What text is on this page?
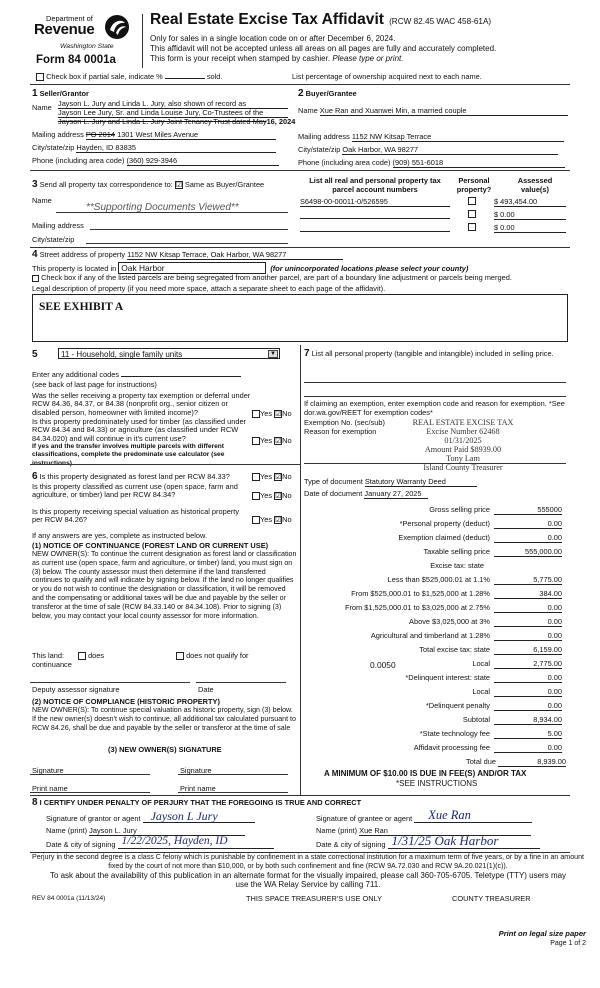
Department of
Revenue
Washington State
Form 84 0001a
Real Estate Excise Tax Affidavit (RCW 82.45 WAC 458-61A)
Only for sales in a single location code on or after December 6, 2024.
This affidavit will not be accepted unless all areas on all pages are fully and accurately completed.
This form is your receipt when stamped by cashier. Please type or print.
Check box if partial sale, indicate %	sold.	List percentage of ownership acquired next to each name.
1 Seller/Grantor
Name Jayson L. Jury and Linda L. Jury, also shown of record as
Jayson Lee Jury, Sr. and Linda Louise Jury, Co-Trustees of the
Jayson L. Jury and Linda L. Jury Joint Tenancy Trust dated May16, 2024
Mailing address PO 2014 1301 West Miles Avenue
City/state/zip Hayden, ID 83835
Phone (including area code) (360) 929-3946
2 Buyer/Grantee
Name Xue Ran and Xuanwei Min, a married couple
Mailing address 1152 NW Kitsap Terrace
City/state/zip Oak Harbor, WA 98277
Phone (including area code) (909) 551-6018
3 Send all property tax correspondence to: ☑ Same as Buyer/Grantee
Name
**Supporting Documents Viewed**
Mailing address
City/state/zip
List all real and personal property tax parcel account numbers
Personal property?
Assessed value(s)
S6498-00-00011-0/526595	$ 493,454.00
$ 0.00
$ 0.00
4 Street address of property 1152 NW Kitsap Terrace, Oak Harbor, WA 98277
This property is located in Oak Harbor	(for unincorporated locations please select your county)
Check box if any of the listed parcels are being segregated from another parcel, are part of a boundary line adjustment or parcels being merged.
Legal description of property (if you need more space, attach a separate sheet to each page of the affidavit).
SEE EXHIBIT A
5	11 - Household, single family units	▼
Enter any additional codes
(see back of last page for instructions)
Was the seller receiving a property tax exemption or deferral under RCW 84.36, 84.37, or 84.38 (nonprofit org., senior citizen or disabled person, homeowner with limited income)?	Yes ☑No
Is this property predominately used for timber (as classified under RCW 84.34 and 84.33) or agriculture (as classified under RCW 84.34.020) and will continue in it's current use?
If yes and the transfer involves multiple parcels with different classifications, complete the predominate use calculator (see instructions)
Yes ☑No
6 Is this property designated as forest land per RCW 84.33?	Yes ☑No
Is this property classified as current use (open space, farm and agriculture, or timber) land per RCW 84.34?	Yes ☑No
Is this property receiving special valuation as historical property per RCW 84.26?	Yes ☑No
If any answers are yes, complete as instructed below.
(1) NOTICE OF CONTINUANCE (FOREST LAND OR CURRENT USE)
NEW OWNER(S): To continue the current designation as forest land or classification as current use (open space, farm and agriculture, or timber) land, you must sign on (3) below. The county assessor must then determine if the land transferred continues to qualify and will indicate by signing below. If the land no longer qualifies or you do not wish to continue the designation or classification, it will be removed and the compensating or additional taxes will be due and payable by the seller or transferor at the time of sale (RCW 84.33.140 or 84.34.108). Prior to signing (3) below, you may contact your local county assessor for more information.
This land:	does	does not qualify for
continuance
Deputy assessor signature	Date
(2) NOTICE OF COMPLIANCE (HISTORIC PROPERTY)
NEW OWNER(S): To continue special valuation as historic property, sign (3) below. If the new owner(s) doesn't wish to continue, all additional tax calculated pursuant to RCW 84.26, shall be due and payable by the seller or transferor at the time of sale
(3) NEW OWNER(S) SIGNATURE
Signature	Signature
Print name	Print name
7 List all personal property (tangible and intangible) included in selling price.
If claiming an exemption, enter exemption code and reason for exemption. *See dor.wa.gov/REET for exemption codes*
Exemption No. (sec/sub)
Reason for exemption
REAL ESTATE EXCISE TAX
Excise Number 62468
01/31/2025
Amount Paid $8939.00
Tony Lam
Island County Treasurer
Type of document Statutory Warranty Deed
Date of document January 27, 2025
Gross selling price	555000
*Personal property (deduct)	0.00
Exemption claimed (deduct)	0.00
Taxable selling price	555,000.00
Excise tax: state
Less than $525,000.01 at 1.1%	5,775.00
From $525,000.01 to $1,525,000 at 1.28%	384.00
From $1,525,000.01 to $3,025,000 at 2.75%	0.00
Above $3,025,000 at 3%	0.00
Agricultural and timberland at 1.28%	0.00
Total excise tax: state	6,159.00
0.0050	Local	2,775.00
*Delinquent interest: state	0.00
Local	0.00
*Delinquent penalty	0.00
Subtotal	8,934.00
*State technology fee	5.00
Affidavit processing fee	0.00
Total due	8,939.00
A MINIMUM OF $10.00 IS DUE IN FEE(S) AND/OR TAX
*SEE INSTRUCTIONS
8 I CERTIFY UNDER PENALTY OF PERJURY THAT THE FOREGOING IS TRUE AND CORRECT
Signature of grantor or agent Jayson L Jury
Name (print) Jayson L. Jury
Date & city of signing 1/22/2025, Hayden, ID
Signature of grantee or agent Xue Ran
Name (print) Xue Ran
Date & city of signing 1/31/25 Oak Harbor
Perjury in the second degree is a class C felony which is punishable by confinement in a state correctional institution for a maximum term of five years, or by a fine in an amount fixed by the court of not more than $10,000, or by both such confinement and fine (RCW 9A.72.030 and RCW 9A.20.021(1)(c)).
To ask about the availability of this publication in an alternate format for the visually impaired, please call 360-705-6705. Teletype (TTY) users may use the WA Relay Service by calling 711.
REV 84 0001a (11/13/24)	THIS SPACE TREASURER'S USE ONLY	COUNTY TREASURER
Print on legal size paper
Page 1 of 2
